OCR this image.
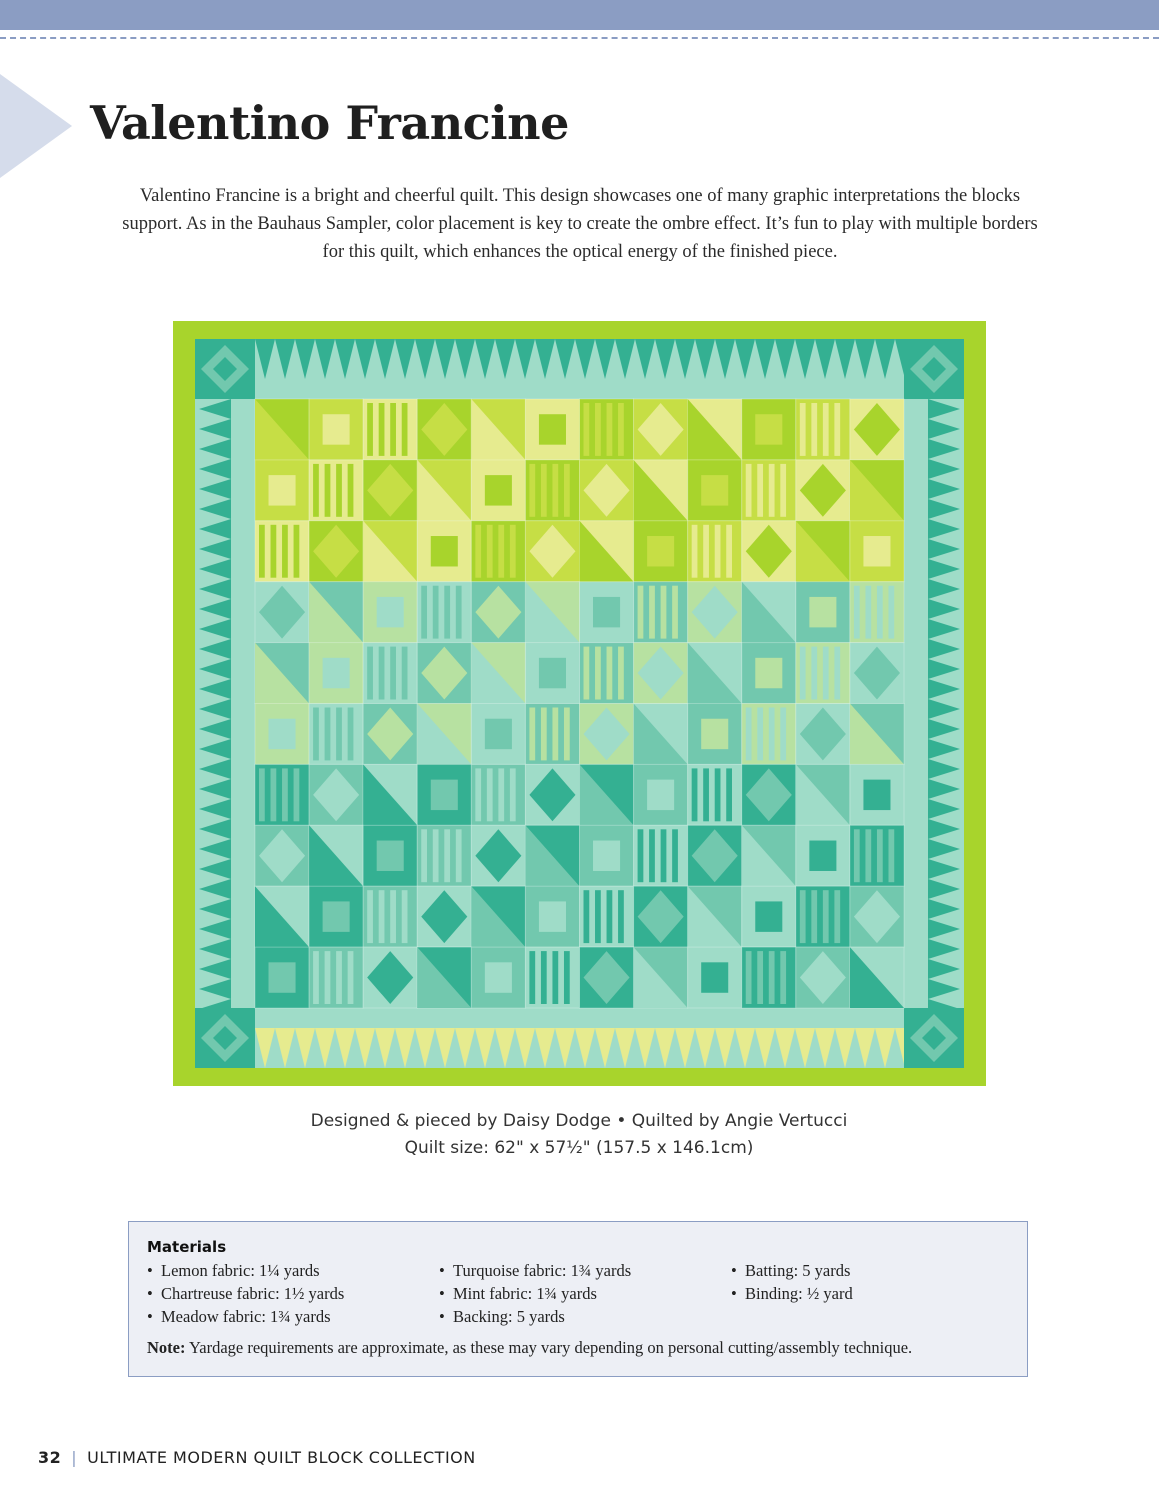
Valentino Francine

Valentino Francine is a bright and cheerful quilt. This design showcases one of many graphic interpretations the blocks support. As in the Bauhaus Sampler, color placement is key to create the ombre effect. It’s fun to play with multiple borders for this quilt, which enhances the optical energy of the finished piece.

Designed & pieced by Daisy Dodge • Quilted by Angie Vertucci
Quilt size: 62" x 57½" (157.5 x 146.1cm)
Materials
• Lemon fabric: 1¼ yards
• Chartreuse fabric: 1½ yards
• Meadow fabric: 1¾ yards
• Turquoise fabric: 1¾ yards
• Mint fabric: 1¾ yards
• Backing: 5 yards
• Batting: 5 yards
• Binding: ½ yard

Note: Yardage requirements are approximate, as these may vary depending on personal cutting/assembly technique.

32 | ULTIMATE MODERN QUILT BLOCK COLLECTION
